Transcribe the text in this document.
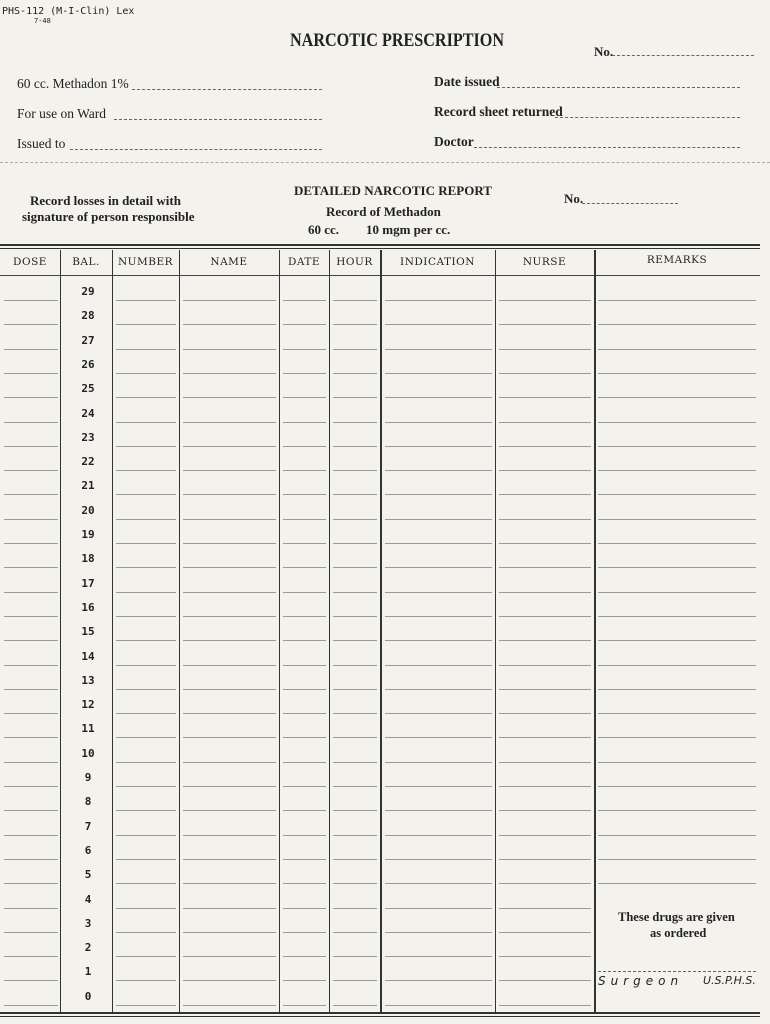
PHS-112 (M-I-Clin) Lex
7-48
NARCOTIC PRESCRIPTION
No.
60 cc. Methadon 1%
For use on Ward
Issued to
Date issued
Record sheet returned
Doctor
Record losses in detail with
signature of person responsible
DETAILED NARCOTIC REPORT
Record of Methadon
60 cc. 10 mgm per cc.
No.
DOSE	BAL.	NUMBER	NAME	DATE	HOUR	INDICATION	NURSE	REMARKS
29
28
27
26
25
24
23
22
21
20
19
18
17
16
15
14
13
12
11
10
9
8
7
6
5
4
3
2
1
0
These drugs are given
as ordered
Surgeon U.S.P.H.S.
